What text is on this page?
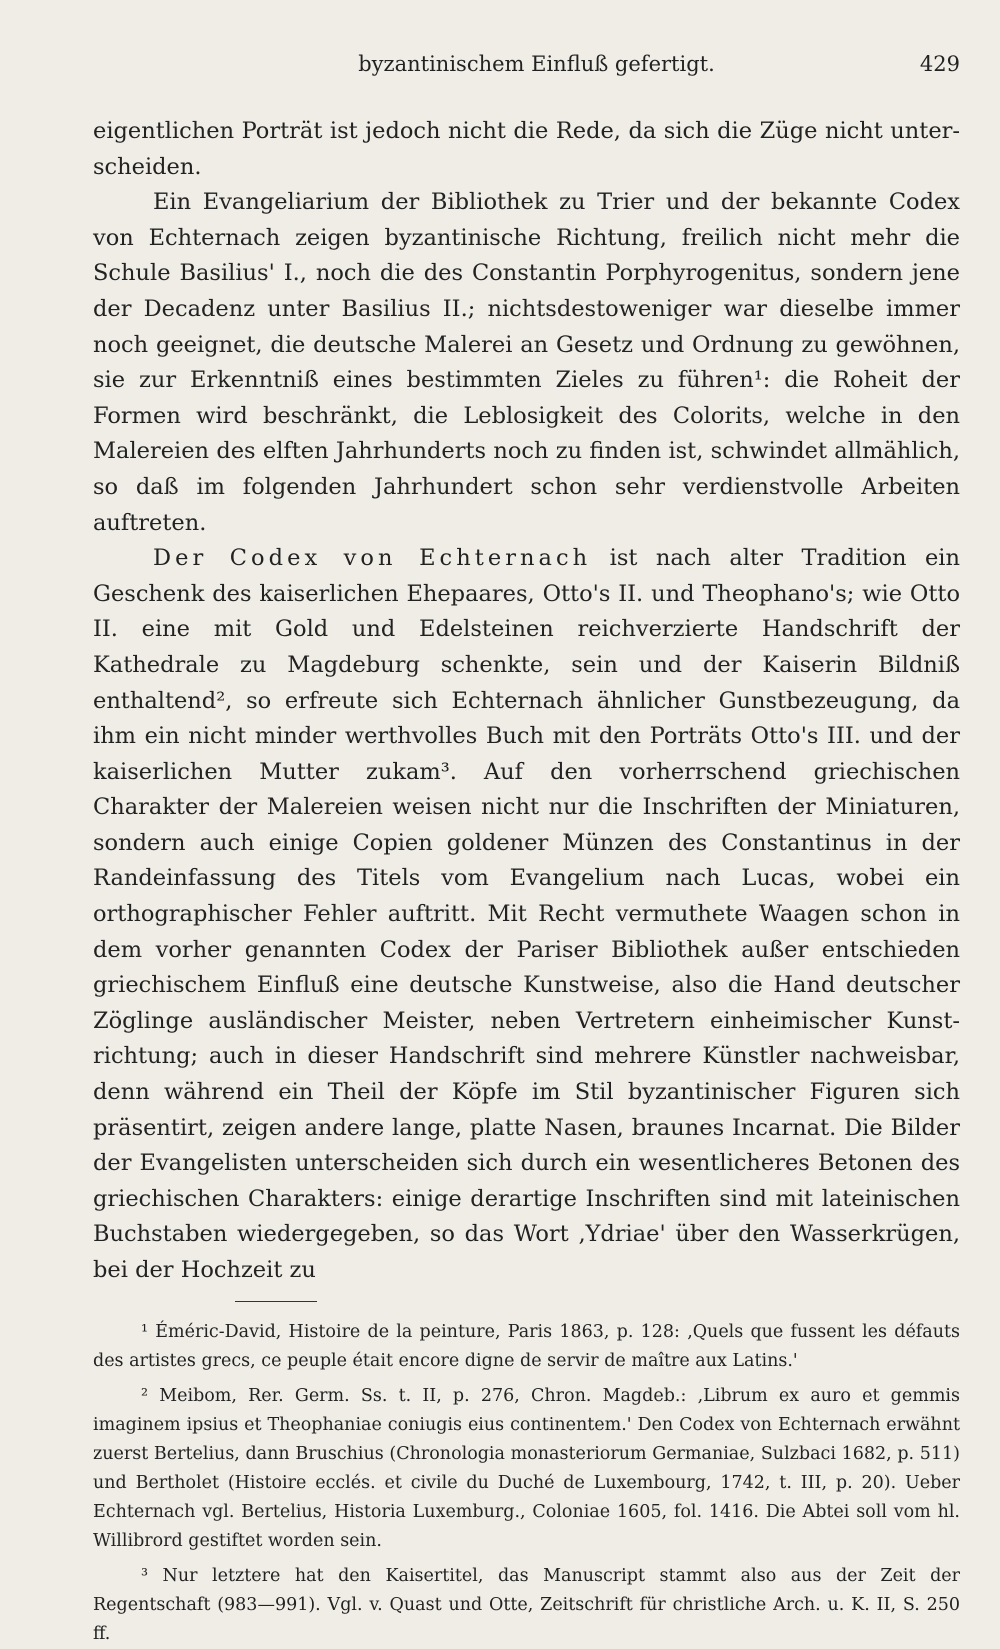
byzantinischem Einfluß gefertigt.	429

eigentlichen Porträt ist jedoch nicht die Rede, da sich die Züge nicht unterscheiden.

Ein Evangeliarium der Bibliothek zu Trier und der bekannte Codex von Echternach zeigen byzantinische Richtung, freilich nicht mehr die Schule Basilius' I., noch die des Constantin Porphyrogenitus, sondern jene der Decadenz unter Basilius II.; nichtsdestoweniger war dieselbe immer noch geeignet, die deutsche Malerei an Gesetz und Ordnung zu gewöhnen, sie zur Erkenntniß eines bestimmten Zieles zu führen¹: die Roheit der Formen wird beschränkt, die Leblosigkeit des Colorits, welche in den Malereien des elften Jahrhunderts noch zu finden ist, schwindet allmählich, so daß im folgenden Jahrhundert schon sehr verdienstvolle Arbeiten auftreten.

Der Codex von Echternach ist nach alter Tradition ein Geschenk des kaiserlichen Ehepaares, Otto's II. und Theophano's; wie Otto II. eine mit Gold und Edelsteinen reichverzierte Handschrift der Kathedrale zu Magdeburg schenkte, sein und der Kaiserin Bildniß enthaltend², so erfreute sich Echternach ähnlicher Gunstbezeugung, da ihm ein nicht minder werthvolles Buch mit den Porträts Otto's III. und der kaiserlichen Mutter zukam³. Auf den vorherrschend griechischen Charakter der Malereien weisen nicht nur die Inschriften der Miniaturen, sondern auch einige Copien goldener Münzen des Constantinus in der Randeinfassung des Titels vom Evangelium nach Lucas, wobei ein orthographischer Fehler auftritt. Mit Recht vermuthete Waagen schon in dem vorher genannten Codex der Pariser Bibliothek außer entschieden griechischem Einfluß eine deutsche Kunstweise, also die Hand deutscher Zöglinge ausländischer Meister, neben Vertretern einheimischer Kunstrichtung; auch in dieser Handschrift sind mehrere Künstler nachweisbar, denn während ein Theil der Köpfe im Stil byzantinischer Figuren sich präsentirt, zeigen andere lange, platte Nasen, braunes Incarnat. Die Bilder der Evangelisten unterscheiden sich durch ein wesentlicheres Betonen des griechischen Charakters: einige derartige Inschriften sind mit lateinischen Buchstaben wiedergegeben, so das Wort ‚Ydriae' über den Wasserkrügen, bei der Hochzeit zu

¹ Éméric-David, Histoire de la peinture, Paris 1863, p. 128: ‚Quels que fussent les défauts des artistes grecs, ce peuple était encore digne de servir de maître aux Latins.'

² Meibom, Rer. Germ. Ss. t. II, p. 276, Chron. Magdeb.: ‚Librum ex auro et gemmis imaginem ipsius et Theophaniae coniugis eius continentem.' Den Codex von Echternach erwähnt zuerst Bertelius, dann Bruschius (Chronologia monasteriorum Germaniae, Sulzbaci 1682, p. 511) und Bertholet (Histoire ecclés. et civile du Duché de Luxembourg, 1742, t. III, p. 20). Ueber Echternach vgl. Bertelius, Historia Luxemburg., Coloniae 1605, fol. 1416. Die Abtei soll vom hl. Willibrord gestiftet worden sein.

³ Nur letztere hat den Kaisertitel, das Manuscript stammt also aus der Zeit der Regentschaft (983—991). Vgl. v. Quast und Otte, Zeitschrift für christliche Arch. u. K. II, S. 250 ff.
